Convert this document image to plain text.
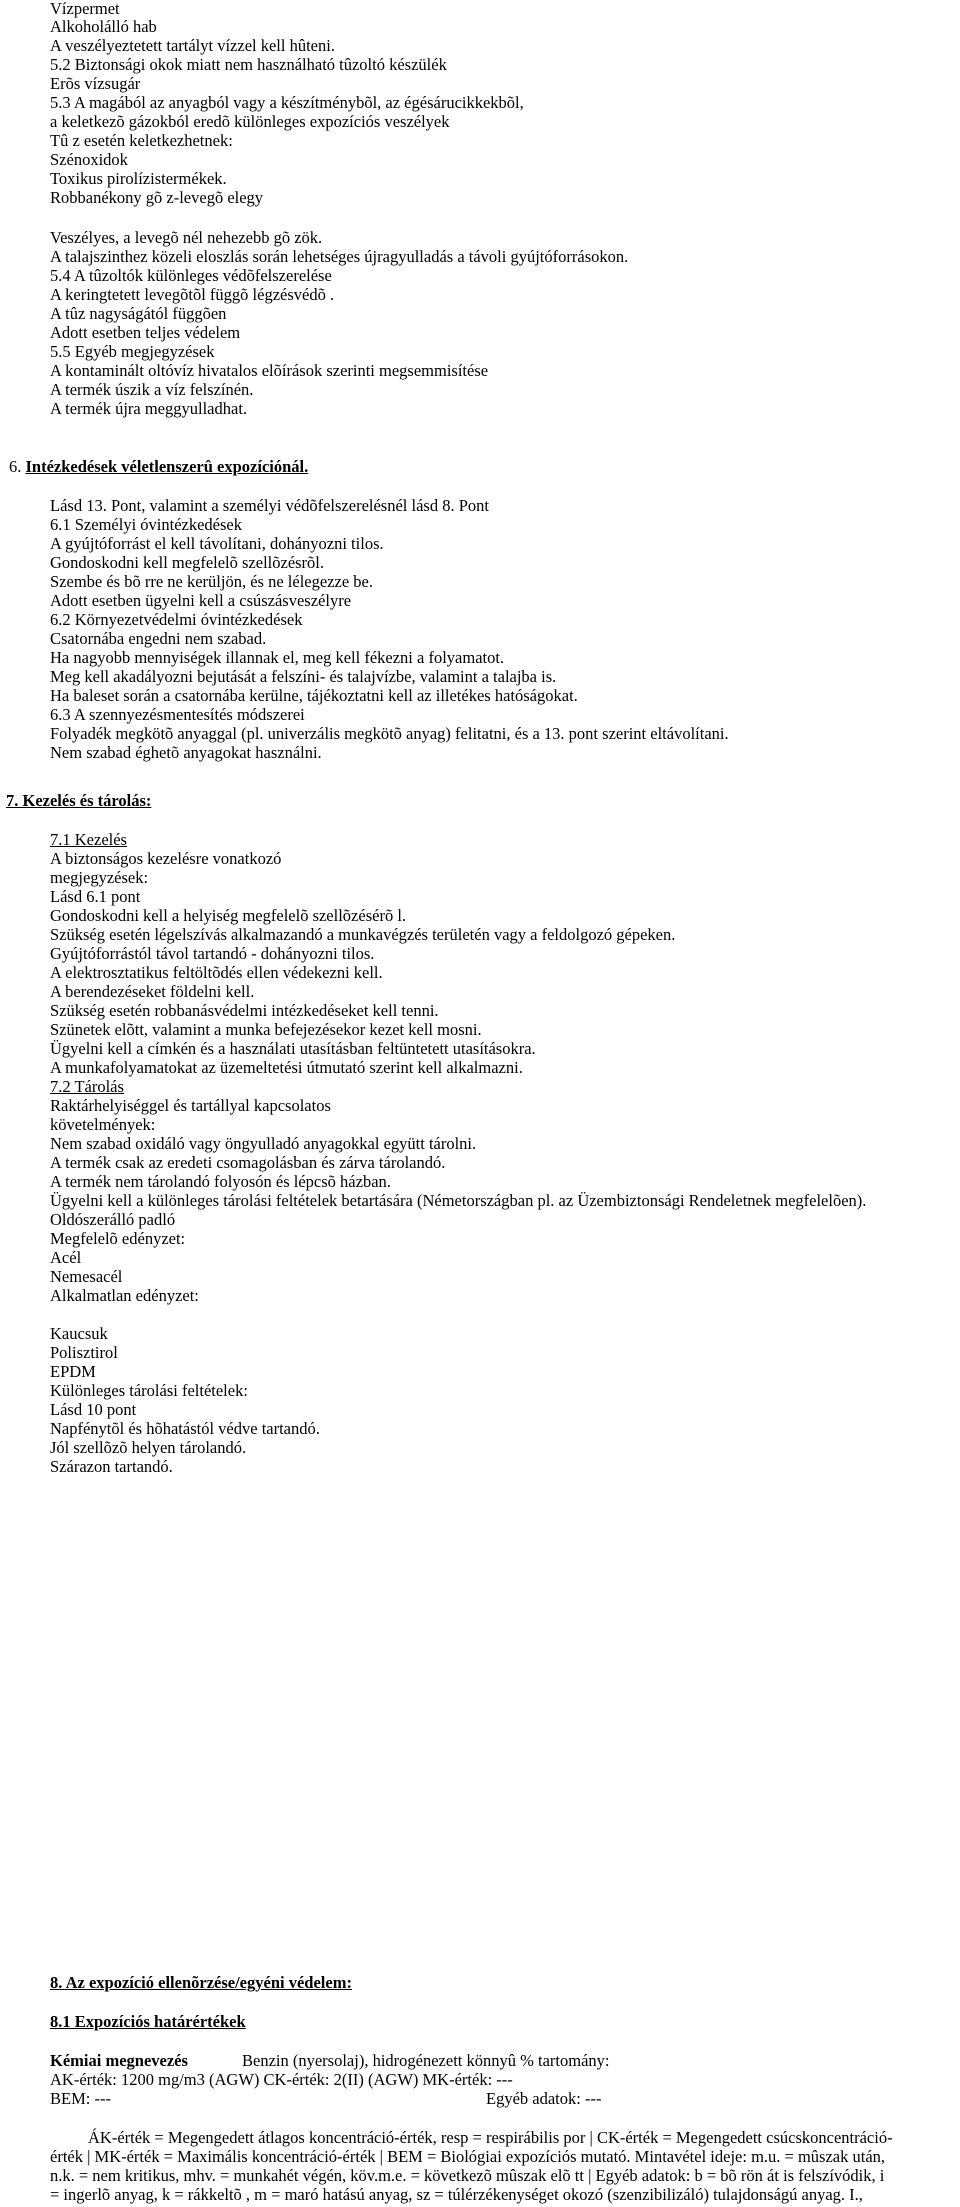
Vízpermet
Alkoholálló hab
A veszélyeztetett tartályt vízzel kell hûteni.
5.2 Biztonsági okok miatt nem használható tûzoltó készülék
Erõs vízsugár
5.3 A magából az anyagból vagy a készítménybõl, az égésárucikkekbõl,
a keletkezõ gázokból eredõ különleges expozíciós veszélyek
Tû z esetén keletkezhetnek:
Szénoxidok
Toxikus pirolízistermékek.
Robbanékony gõ z-levegõ elegy
Veszélyes, a levegõ nél nehezebb gõ zök.
A talajszinthez közeli eloszlás során lehetséges újragyulladás a távoli gyújtóforrásokon.
5.4 A tûzoltók különleges védõfelszerelése
A keringtetett levegõtõl függõ légzésvédõ .
A tûz nagyságától függõen
Adott esetben teljes védelem
5.5 Egyéb megjegyzések
A kontaminált oltóvíz hivatalos elõírások szerinti megsemmisítése
A termék úszik a víz felszínén.
A termék újra meggyulladhat.
6. Intézkedések véletlenszerû expozíciónál.
Lásd 13. Pont, valamint a személyi védõfelszerelésnél lásd 8. Pont
6.1 Személyi óvintézkedések
A gyújtóforrást el kell távolítani, dohányozni tilos.
Gondoskodni kell megfelelõ szellõzésrõl.
Szembe és bõ rre ne kerüljön, és ne lélegezze be.
Adott esetben ügyelni kell a csúszásveszélyre
6.2 Környezetvédelmi óvintézkedések
Csatornába engedni nem szabad.
Ha nagyobb mennyiségek illannak el, meg kell fékezni a folyamatot.
Meg kell akadályozni bejutását a felszíni- és talajvízbe, valamint a talajba is.
Ha baleset során a csatornába kerülne, tájékoztatni kell az illetékes hatóságokat.
6.3 A szennyezésmentesítés módszerei
Folyadék megkötõ anyaggal (pl. univerzális megkötõ anyag) felitatni, és a 13. pont szerint eltávolítani.
Nem szabad éghetõ anyagokat használni.
7. Kezelés és tárolás:
7.1 Kezelés
A biztonságos kezelésre vonatkozó
megjegyzések:
Lásd 6.1 pont
Gondoskodni kell a helyiség megfelelõ szellõzésérõ l.
Szükség esetén légelszívás alkalmazandó a munkavégzés területén vagy a feldolgozó gépeken.
Gyújtóforrástól távol tartandó - dohányozni tilos.
A elektrosztatikus feltöltõdés ellen védekezni kell.
A berendezéseket földelni kell.
Szükség esetén robbanásvédelmi intézkedéseket kell tenni.
Szünetek elõtt, valamint a munka befejezésekor kezet kell mosni.
Ügyelni kell a címkén és a használati utasításban feltüntetett utasításokra.
A munkafolyamatokat az üzemeltetési útmutató szerint kell alkalmazni.
7.2 Tárolás
Raktárhelyiséggel és tartállyal kapcsolatos
követelmények:
Nem szabad oxidáló vagy öngyulladó anyagokkal együtt tárolni.
A termék csak az eredeti csomagolásban és zárva tárolandó.
A termék nem tárolandó folyosón és lépcsõ házban.
Ügyelni kell a különleges tárolási feltételek betartására (Németországban pl. az Üzembiztonsági Rendeletnek megfelelõen).
Oldószerálló padló
Megfelelõ edényzet:
Acél
Nemesacél
Alkalmatlan edényzet:
Kaucsuk
Polisztirol
EPDM
Különleges tárolási feltételek:
Lásd 10 pont
Napfénytõl és hõhatástól védve tartandó.
Jól szellõzõ helyen tárolandó.
Szárazon tartandó.
8. Az expozíció ellenõrzése/egyéni védelem:
8.1 Expozíciós határértékek
Kémiai megnevezés	Benzin (nyersolaj), hidrogénezett könnyû % tartomány:
AK-érték: 1200 mg/m3 (AGW) CK-érték: 2(II) (AGW) MK-érték: ---
BEM: ---	Egyéb adatok: ---
ÁK-érték = Megengedett átlagos koncentráció-érték, resp = respirábilis por | CK-érték = Megengedett csúcskoncentráció-
érték | MK-érték = Maximális koncentráció-érték | BEM = Biológiai expozíciós mutató. Mintavétel ideje: m.u. = mûszak után,
n.k. = nem kritikus, mhv. = munkahét végén, köv.m.e. = következõ mûszak elõ tt | Egyéb adatok: b = bõ rön át is felszívódik, i
= ingerlõ anyag, k = rákkeltõ , m = maró hatású anyag, sz = túlérzékenységet okozó (szenzibilizáló) tulajdonságú anyag. I.,
